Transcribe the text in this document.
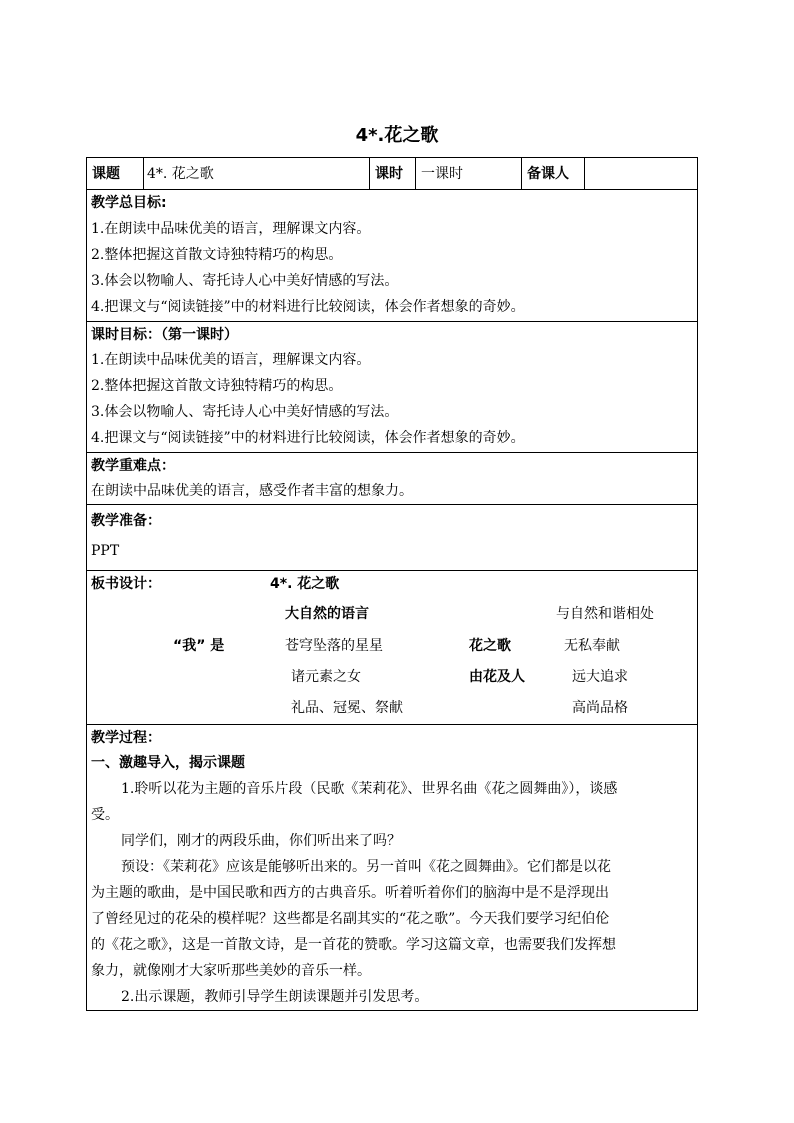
4*.花之歌
课题 4*. 花之歌	课时 一课时	备课人
教学总目标:
1.在朗读中品味优美的语言，理解课文内容。
2.整体把握这首散文诗独特精巧的构思。
3.体会以物喻人、寄托诗人心中美好情感的写法。
4.把课文与“阅读链接”中的材料进行比较阅读，体会作者想象的奇妙。
课时目标：（第一课时）
1.在朗读中品味优美的语言，理解课文内容。
2.整体把握这首散文诗独特精巧的构思。
3.体会以物喻人、寄托诗人心中美好情感的写法。
4.把课文与“阅读链接”中的材料进行比较阅读，体会作者想象的奇妙。
教学重难点：
在朗读中品味优美的语言，感受作者丰富的想象力。
教学准备：
PPT
板书设计：	4*. 花之歌
大自然的语言
“我” 是	苍穹坠落的星星
诸元素之女
礼品、冠冕、祭献
花之歌
由花及人
与自然和谐相处
无私奉献
远大追求
高尚品格
教学过程：
一、激趣导入，揭示课题
1.聆听以花为主题的音乐片段（民歌《茉莉花》、世界名曲《花之圆舞曲》），谈感
受。
同学们，刚才的两段乐曲，你们听出来了吗？
预设：《茉莉花》应该是能够听出来的。另一首叫《花之圆舞曲》。它们都是以花
为主题的歌曲，是中国民歌和西方的古典音乐。听着听着你们的脑海中是不是浮现出
了曾经见过的花朵的模样呢？这些都是名副其实的“花之歌”。今天我们要学习纪伯伦
的《花之歌》，这是一首散文诗，是一首花的赞歌。学习这篇文章，也需要我们发挥想
象力，就像刚才大家听那些美妙的音乐一样。
2.出示课题，教师引导学生朗读课题并引发思考。
